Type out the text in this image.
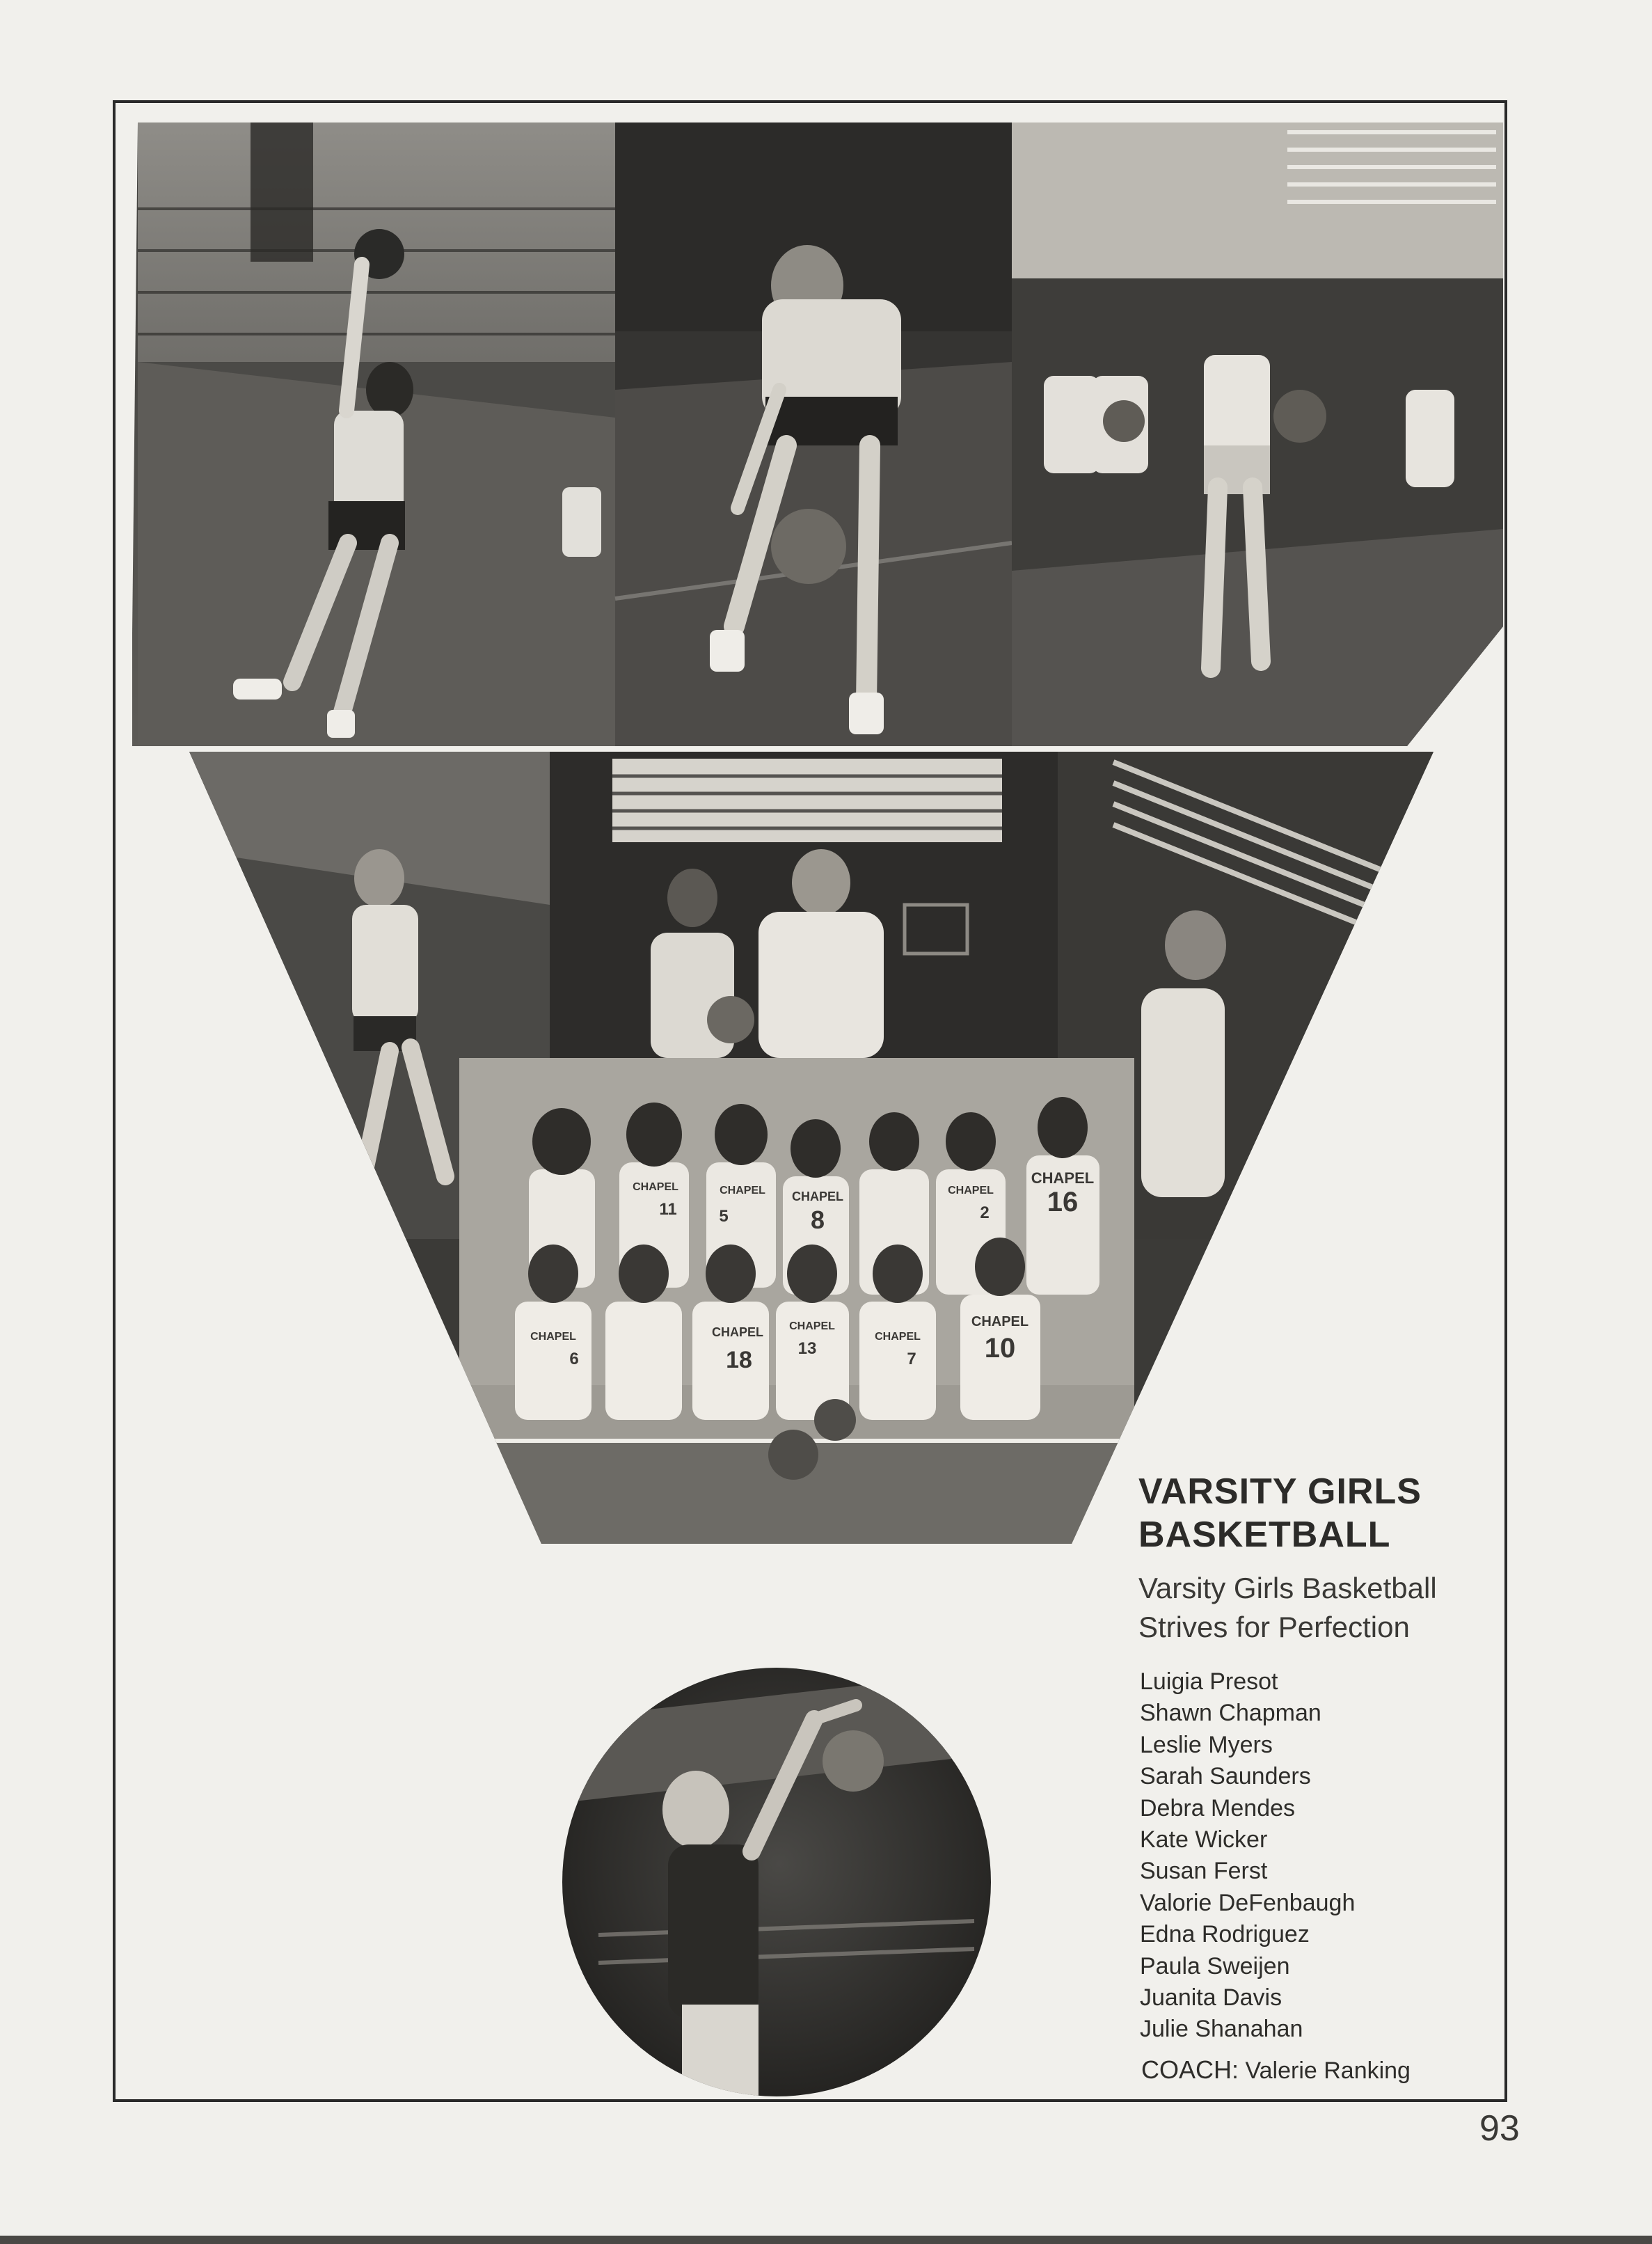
CHAPEL
16
CHAPEL
8
CHAPEL
11
CHAPEL
5
CHAPEL
2
CHAPEL
6
CHAPEL
18
CHAPEL
13
CHAPEL
7
CHAPEL
10
VARSITY GIRLS
BASKETBALL
Varsity Girls Basketball
Strives for Perfection
Luigia Presot
Shawn Chapman
Leslie Myers
Sarah Saunders
Debra Mendes
Kate Wicker
Susan Ferst
Valorie DeFenbaugh
Edna Rodriguez
Paula Sweijen
Juanita Davis
Julie Shanahan
COACH: Valerie Ranking
93
